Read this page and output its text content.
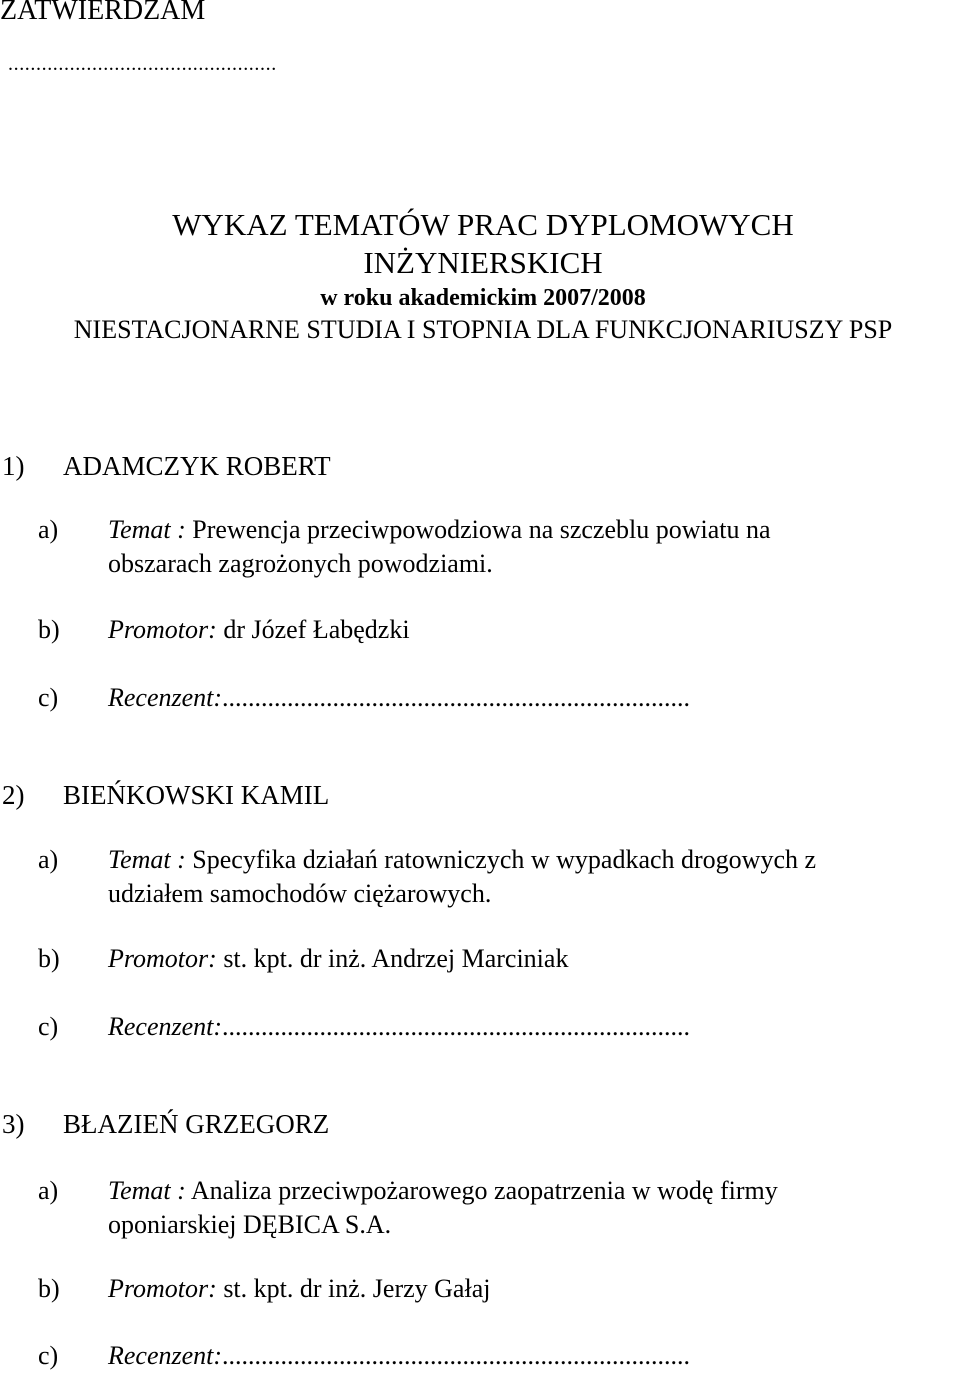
ZATWIERDZAM
................................................
WYKAZ TEMATÓW PRAC DYPLOMOWYCH
INŻYNIERSKICH
w roku akademickim 2007/2008
NIESTACJONARNE STUDIA I STOPNIA DLA FUNKCJONARIUSZY PSP
1) ADAMCZYK ROBERT
a) Temat : Prewencja przeciwpowodziowa na szczeblu powiatu na
obszarach zagrożonych powodziami.
b) Promotor: dr Józef Łabędzki
c) Recenzent:........................................................................
2) BIEŃKOWSKI KAMIL
a) Temat : Specyfika działań ratowniczych w wypadkach drogowych z
udziałem samochodów ciężarowych.
b) Promotor: st. kpt. dr inż. Andrzej Marciniak
c) Recenzent:........................................................................
3) BŁAZIEŃ GRZEGORZ
a) Temat : Analiza przeciwpożarowego zaopatrzenia w wodę firmy
oponiarskiej DĘBICA S.A.
b) Promotor: st. kpt. dr inż. Jerzy Gałaj
c) Recenzent:........................................................................
